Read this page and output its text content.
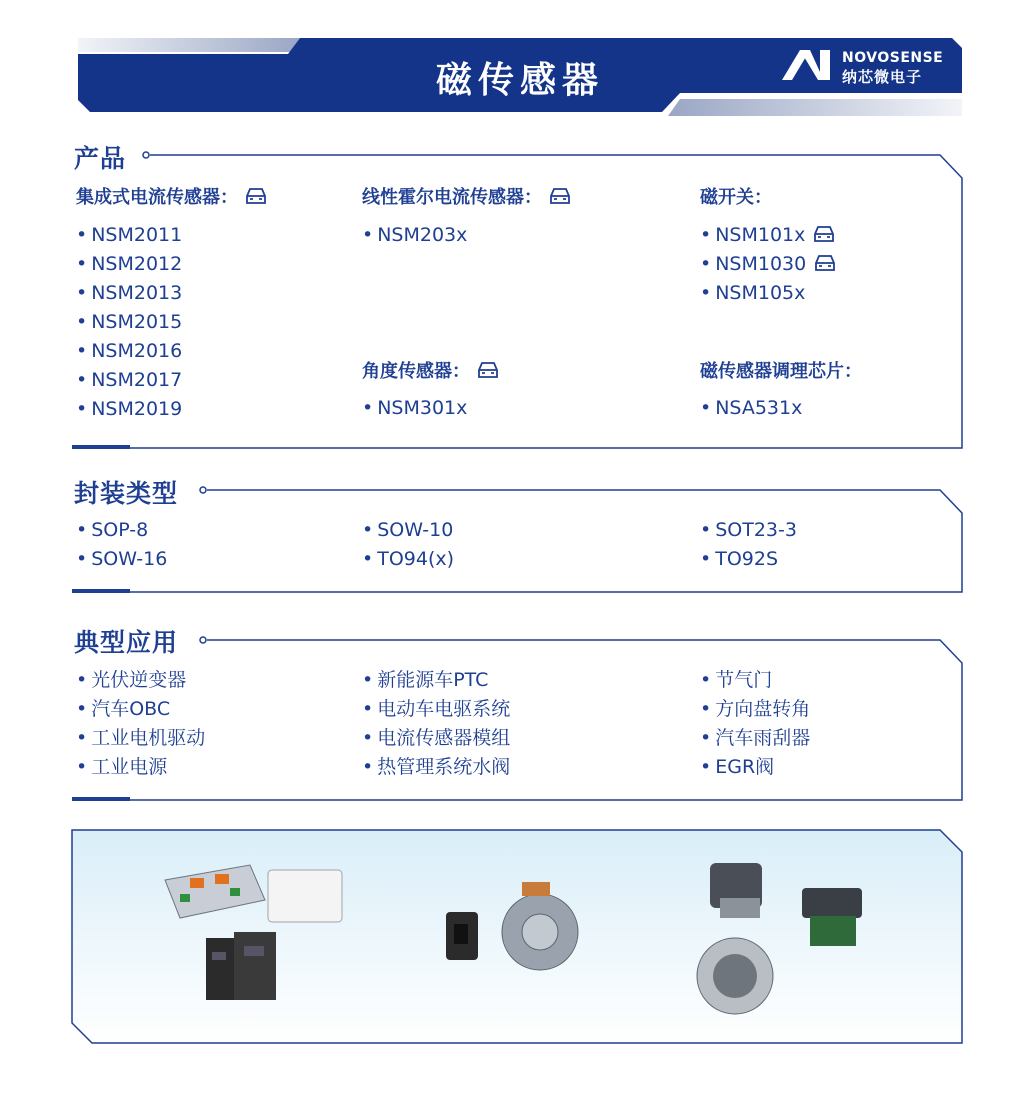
磁传感器
NOVOSENSE
纳芯微电子
产品
集成式电流传感器：
• NSM2011
• NSM2012
• NSM2013
• NSM2015
• NSM2016
• NSM2017
• NSM2019
线性霍尔电流传感器：
• NSM203x
角度传感器：
• NSM301x
磁开关：
• NSM101x
• NSM1030
• NSM105x
磁传感器调理芯片：
• NSA531x
封装类型
• SOP-8
• SOW-16
• SOW-10
• TO94(x)
• SOT23-3
• TO92S
典型应用
• 光伏逆变器
• 汽车OBC
• 工业电机驱动
• 工业电源
• 新能源车PTC
• 电动车电驱系统
• 电流传感器模组
• 热管理系统水阀
• 节气门
• 方向盘转角
• 汽车雨刮器
• EGR阀
